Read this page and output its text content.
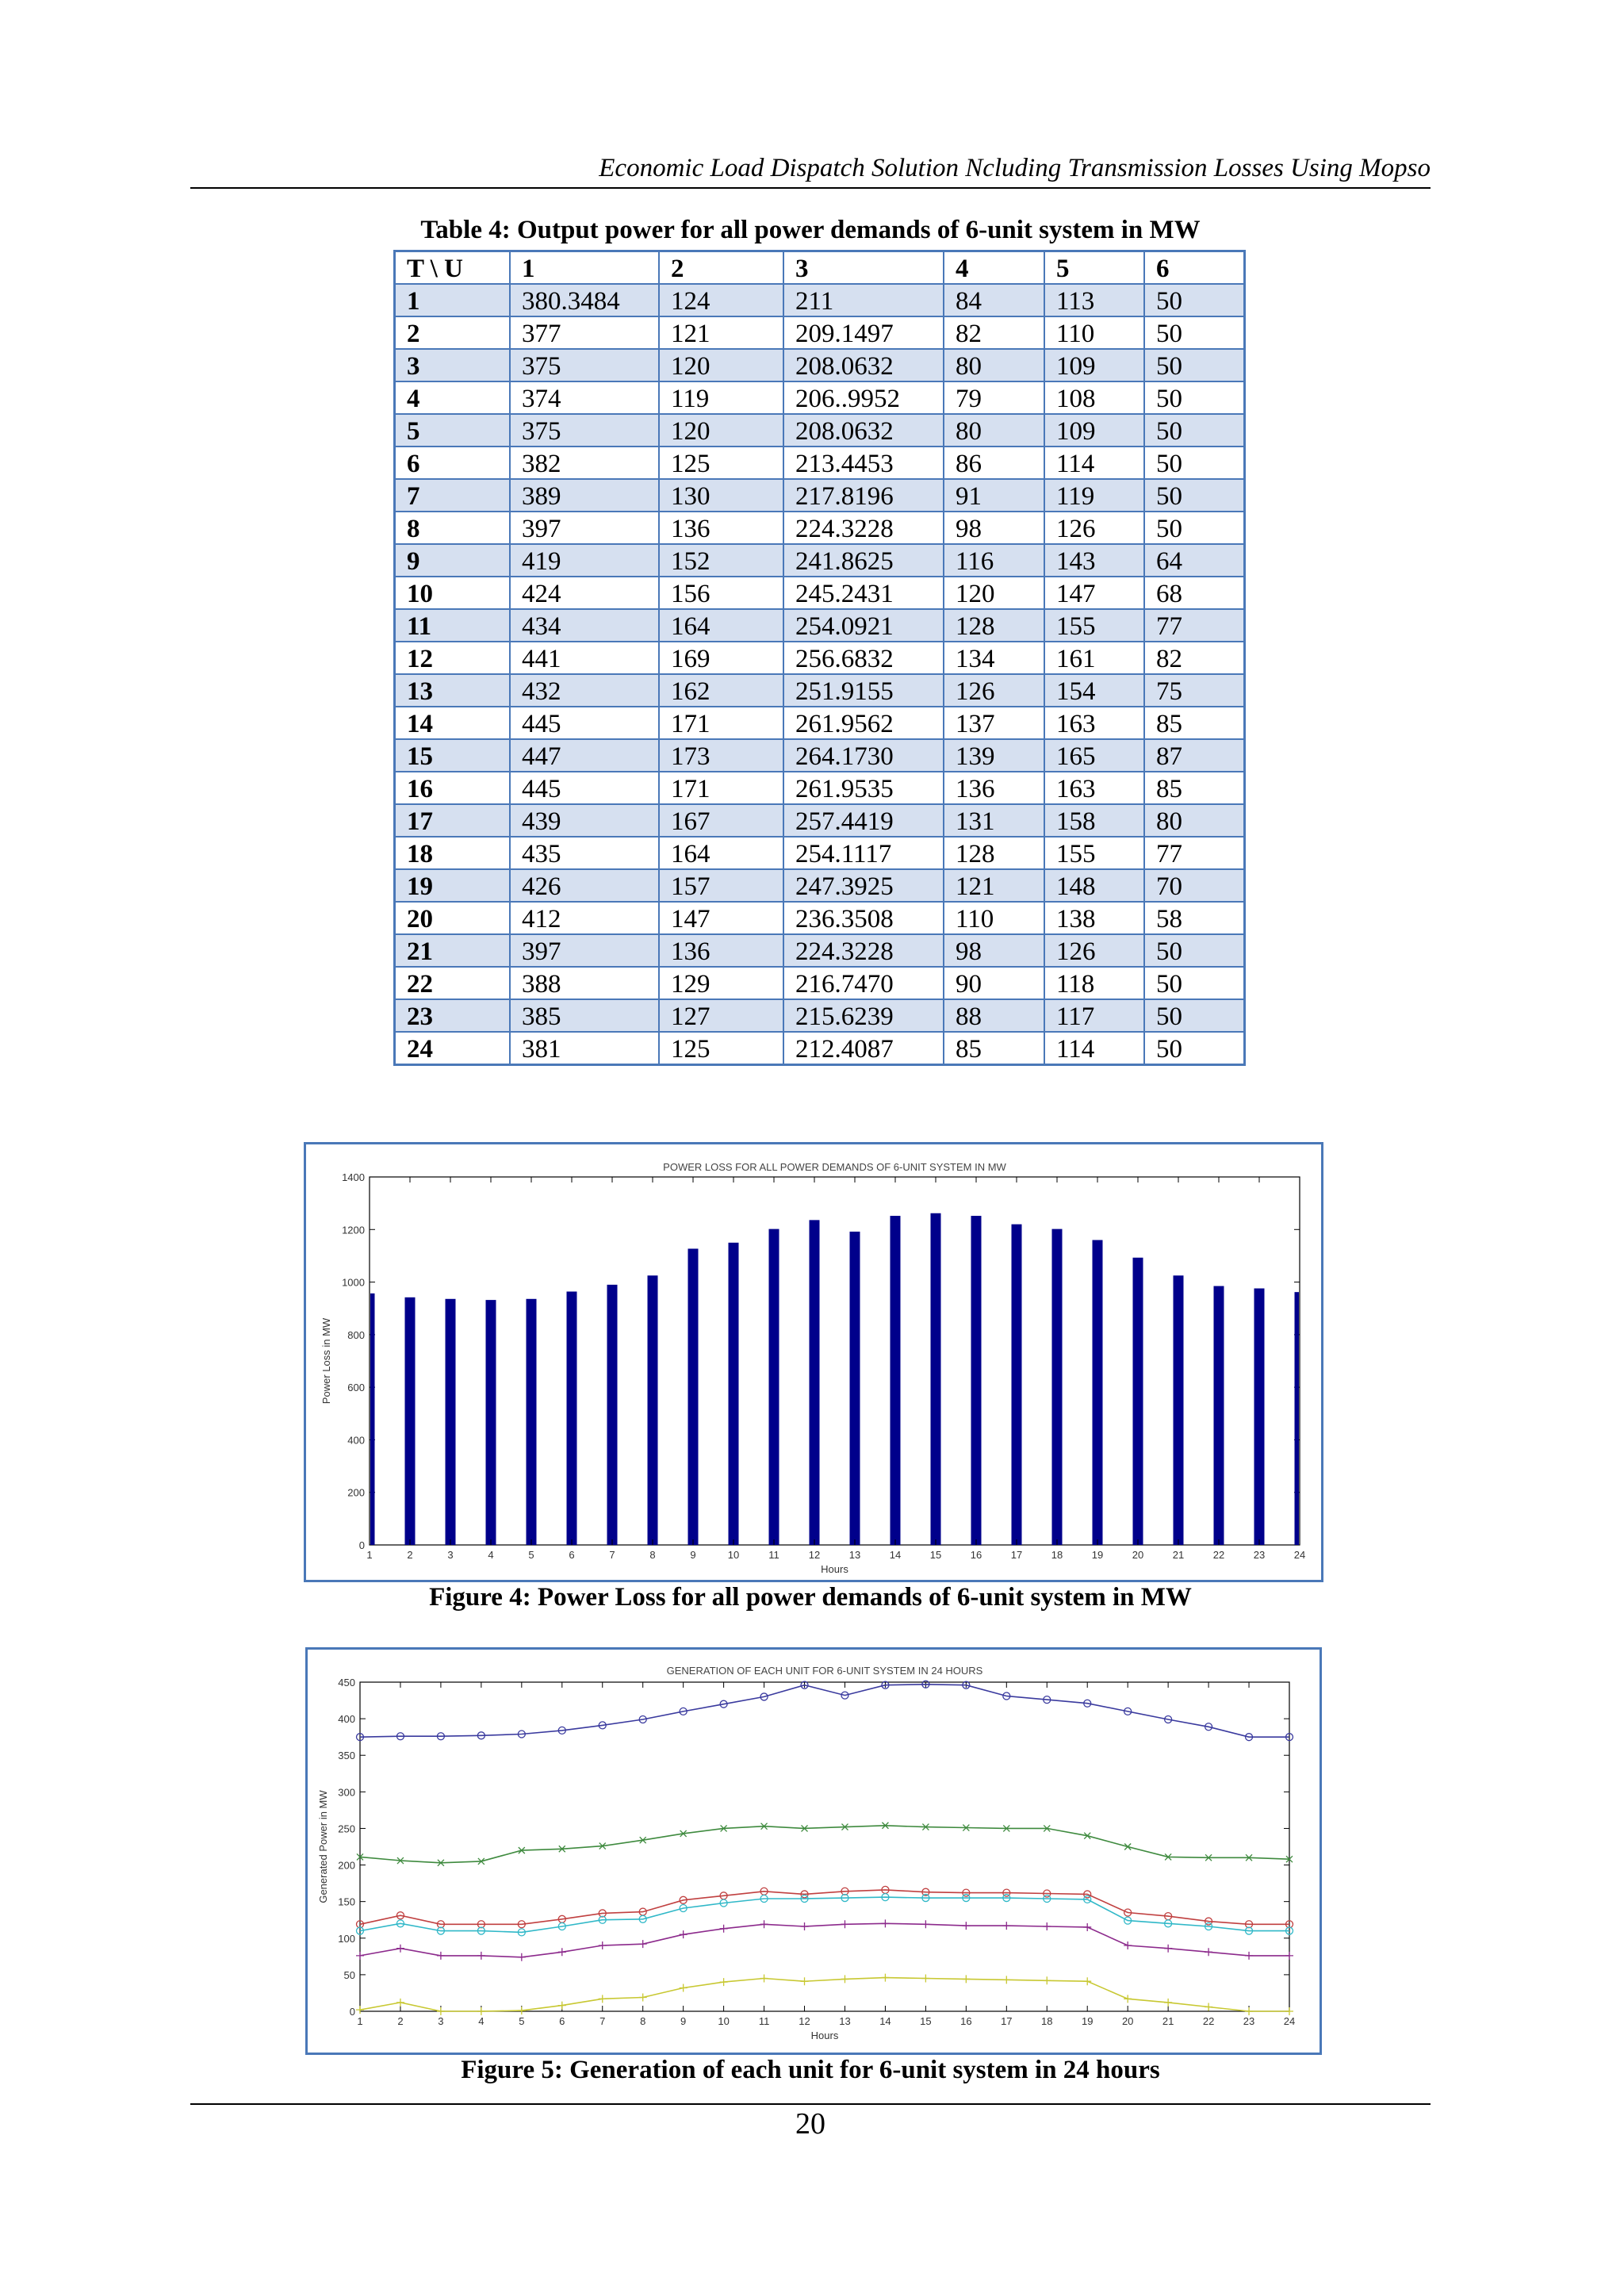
Economic Load Dispatch Solution Ncluding Transmission Losses Using Mopso
Table 4: Output power for all power demands of 6-unit system in MW
T \ U	1	2	3	4	5	6
1	380.3484	124	211	84	113	50
2	377	121	209.1497	82	110	50
3	375	120	208.0632	80	109	50
4	374	119	206..9952	79	108	50
5	375	120	208.0632	80	109	50
6	382	125	213.4453	86	114	50
7	389	130	217.8196	91	119	50
8	397	136	224.3228	98	126	50
9	419	152	241.8625	116	143	64
10	424	156	245.2431	120	147	68
11	434	164	254.0921	128	155	77
12	441	169	256.6832	134	161	82
13	432	162	251.9155	126	154	75
14	445	171	261.9562	137	163	85
15	447	173	264.1730	139	165	87
16	445	171	261.9535	136	163	85
17	439	167	257.4419	131	158	80
18	435	164	254.1117	128	155	77
19	426	157	247.3925	121	148	70
20	412	147	236.3508	110	138	58
21	397	136	224.3228	98	126	50
22	388	129	216.7470	90	118	50
23	385	127	215.6239	88	117	50
24	381	125	212.4087	85	114	50
0
200
400
600
800
1000
1200
1400
1	2	3	4	5	6	7	8	9	10	11	12	13	14	15	16	17	18	19	20	21	22	23	24
POWER LOSS FOR ALL POWER DEMANDS OF 6-UNIT SYSTEM IN MW
Hours
Power Loss in MW
Figure 4: Power Loss for all power demands of 6-unit system in MW
0
50
100
150
200
250
300
350
400
450
1	2	3	4	5	6	7	8	9	10	11	12	13	14	15	16	17	18	19	20	21	22	23	24
GENERATION OF EACH UNIT FOR 6-UNIT SYSTEM IN 24 HOURS
Hours
Generated Power in MW
Figure 5: Generation of each unit for 6-unit system in 24 hours
20
